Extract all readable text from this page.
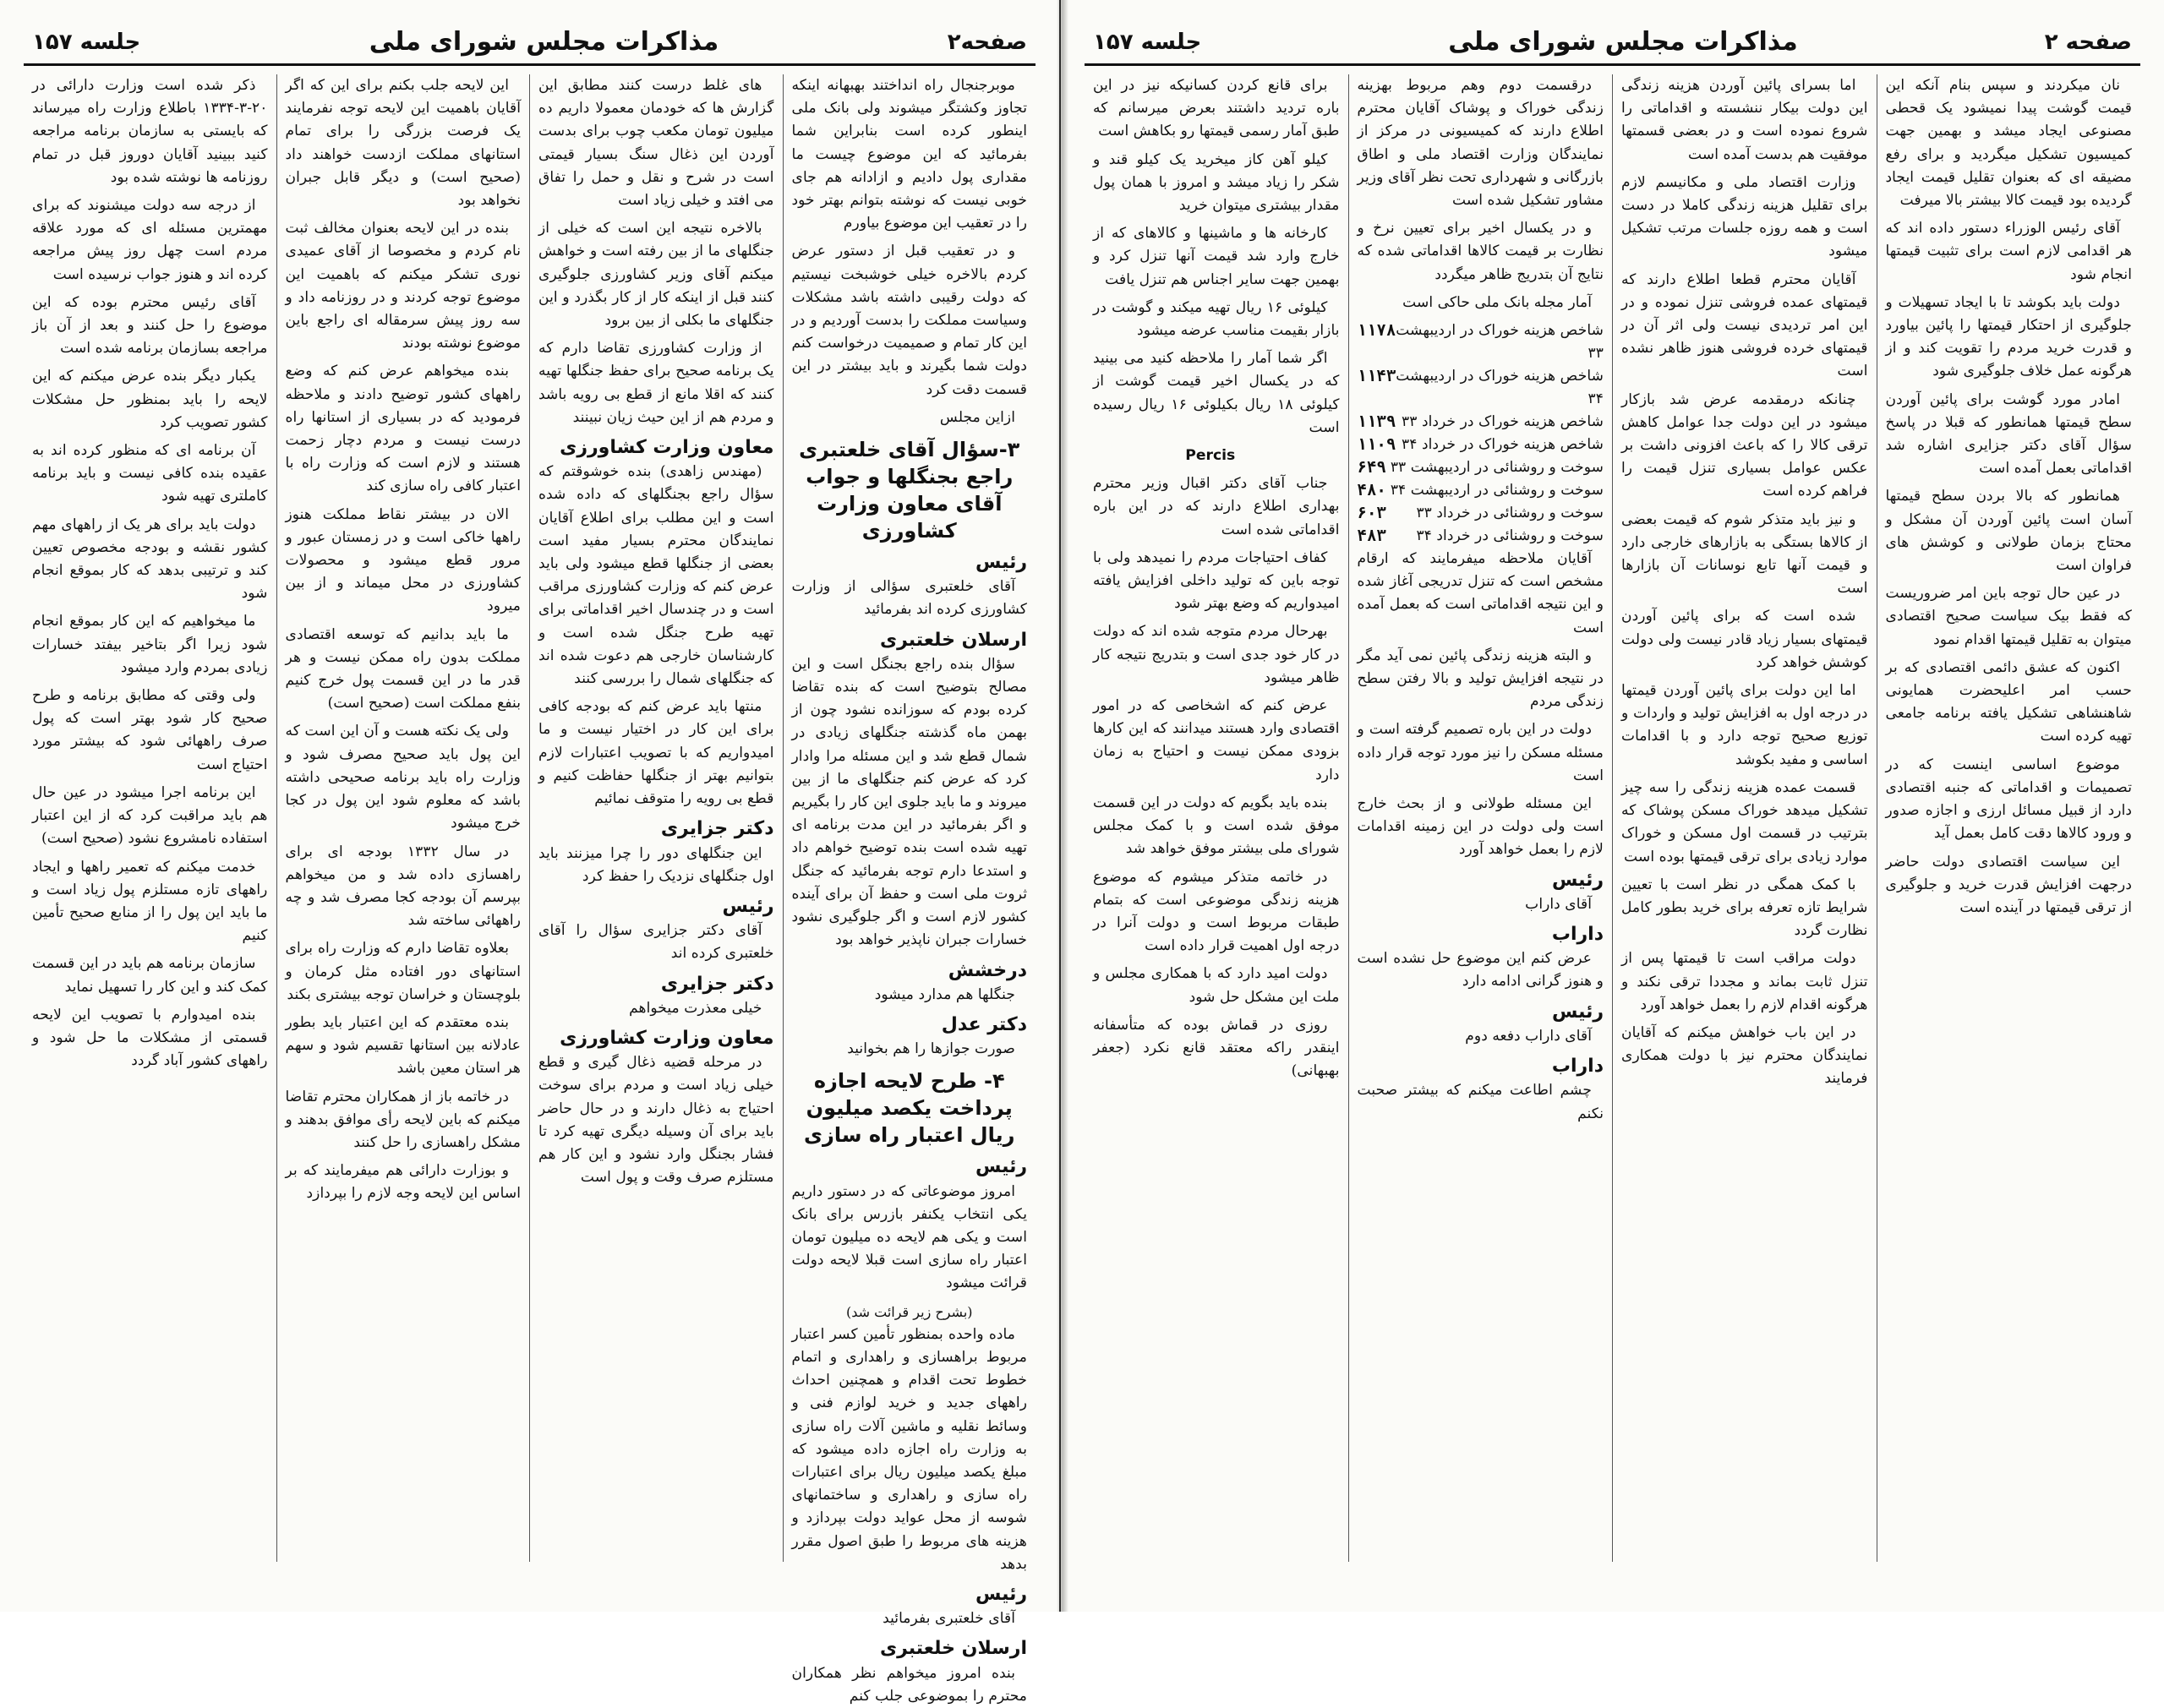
صفحه۲
مذاکرات مجلس شورای ملی
جلسه ۱۵۷

موبرجنجال راه انداختند بهبهانه اینکه تجاوز وکشتگر میشوند ولی بانک ملی اینطور کرده است بنابراین شما بفرمائید که این موضوع چیست ما مقداری پول دادیم و ازادانه هم جای خوبی نیست که نوشته بتوانم بهتر خود را در تعقیب این موضوع بیاورم

و در تعقیب قبل از دستور عرض کردم بالاخره خیلی خوشبخت نیستیم که دولت رقیبی داشته باشد مشکلات وسیاست مملکت را بدست آوردیم و در این کار تمام و صمیمیت درخواست کنم دولت شما بگیرند و باید بیشتر در این قسمت دقت کرد

ازاین مجلس

۳-سؤال آقای خلعتبری راجع بجنگلها و جواب آقای معاون وزارت کشاورزی
رئیس

آقای خلعتبری سؤالی از وزارت کشاورزی کرده اند بفرمائید

ارسلان خلعتبری

سؤال بنده راجع بجنگل است و این مصالح بتوضیح است که بنده تقاضا کرده بودم که سوزانده نشود چون از بهمن ماه گذشته جنگلهای زیادی در شمال قطع شد و این مسئله مرا وادار کرد که عرض کنم جنگلهای ما از بین میروند و ما باید جلوی این کار را بگیریم و اگر بفرمائید در این مدت برنامه ای تهیه شده است بنده توضیح خواهم داد و استدعا دارم توجه بفرمائید که جنگل ثروت ملی است و حفظ آن برای آینده کشور لازم است و اگر جلوگیری نشود خسارات جبران ناپذیر خواهد بود

درخشش

جنگلها هم مدارد میشود

دکتر عدل

صورت جوازها را هم بخوانید

۴- طرح لایحه اجازه پرداخت یکصد میلیون ریال اعتبار راه سازی
رئیس

امروز موضوعاتی که در دستور داریم یکی انتخاب یکنفر بازرس برای بانک است و یکی هم لایحه ده میلیون تومان اعتبار راه سازی است قبلا لایحه دولت قرائت میشود

(بشرح زیر قرائت شد)

ماده واحده بمنظور تأمین کسر اعتبار مربوط براهسازی و راهداری و اتمام خطوط تحت اقدام و همچنین احداث راههای جدید و خرید لوازم فنی و وسائط نقلیه و ماشین آلات راه سازی به وزارت راه اجازه داده میشود که مبلغ یکصد میلیون ریال برای اعتبارات راه سازی و راهداری و ساختمانهای شوسه از محل عواید دولت بپردازد و هزینه های مربوط را طبق اصول مقرر بدهد

رئیس

آقای خلعتبری بفرمائید

ارسلان خلعتبری

بنده امروز میخواهم نظر همکاران محترم را بموضوعی جلب کنم

های غلط درست کنند مطابق این گزارش ها که خودمان معمولا داریم ده میلیون تومان مکعب چوب برای بدست آوردن این ذغال سنگ بسیار قیمتی است در شرح و نقل و حمل را تفاق می افتد و خیلی زیاد است

بالاخره نتیجه این است که خیلی از جنگلهای ما از بین رفته است و خواهش میکنم آقای وزیر کشاورزی جلوگیری کنند قبل از اینکه کار از کار بگذرد و این جنگلهای ما بکلی از بین برود

از وزارت کشاورزی تقاضا دارم که یک برنامه صحیح برای حفظ جنگلها تهیه کنند که اقلا مانع از قطع بی رویه باشد و مردم هم از این حیث زیان نبینند

معاون وزارت کشاورزی

(مهندس زاهدی) بنده خوشوقتم که سؤال راجع بجنگلهای که داده شده است و این مطلب برای اطلاع آقایان نمایندگان محترم بسیار مفید است بعضی از جنگلها قطع میشود ولی باید عرض کنم که وزارت کشاورزی مراقب است و در چندسال اخیر اقداماتی برای تهیه طرح جنگل شده است و کارشناسان خارجی هم دعوت شده اند که جنگلهای شمال را بررسی کنند

منتها باید عرض کنم که بودجه کافی برای این کار در اختیار نیست و ما امیدواریم که با تصویب اعتبارات لازم بتوانیم بهتر از جنگلها حفاظت کنیم و قطع بی رویه را متوقف نمائیم

دکتر جزایری

این جنگلهای دور را چرا میزنند باید اول جنگلهای نزدیک را حفظ کرد

رئیس

آقای دکتر جزایری سؤال را آقای خلعتبری کرده اند

دکتر جزایری

خیلی معذرت میخواهم

معاون وزارت کشاورزی

در مرحله قضیه ذغال گیری و قطع خیلی زیاد است و مردم برای سوخت احتیاج به ذغال دارند و در حال حاضر باید برای آن وسیله دیگری تهیه کرد تا فشار بجنگل وارد نشود و این کار هم مستلزم صرف وقت و پول است

این لایحه جلب بکنم برای این که اگر آقایان باهمیت این لایحه توجه نفرمایند یک فرصت بزرگی را برای تمام استانهای مملکت ازدست خواهند داد (صحیح است) و دیگر قابل جبران نخواهد بود

بنده در این لایحه بعنوان مخالف ثبت نام کردم و مخصوصا از آقای عمیدی نوری تشکر میکنم که باهمیت این موضوع توجه کردند و در روزنامه داد و سه روز پیش سرمقاله ای راجع باین موضوع نوشته بودند

بنده میخواهم عرض کنم که وضع راههای کشور توضیح دادند و ملاحظه فرمودید که در بسیاری از استانها راه درست نیست و مردم دچار زحمت هستند و لازم است که وزارت راه با اعتبار کافی راه سازی کند

الان در بیشتر نقاط مملکت هنوز راهها خاکی است و در زمستان عبور و مرور قطع میشود و محصولات کشاورزی در محل میماند و از بین میرود

ما باید بدانیم که توسعه اقتصادی مملکت بدون راه ممکن نیست و هر قدر ما در این قسمت پول خرج کنیم بنفع مملکت است (صحیح است)

ولی یک نکته هست و آن این است که این پول باید صحیح مصرف شود و وزارت راه باید برنامه صحیحی داشته باشد که معلوم شود این پول در کجا خرج میشود

در سال ۱۳۳۲ بودجه ای برای راهسازی داده شد و من میخواهم بپرسم آن بودجه کجا مصرف شد و چه راههائی ساخته شد

بعلاوه تقاضا دارم که وزارت راه برای استانهای دور افتاده مثل کرمان و بلوچستان و خراسان توجه بیشتری بکند

بنده معتقدم که این اعتبار باید بطور عادلانه بین استانها تقسیم شود و سهم هر استان معین باشد

در خاتمه باز از همکاران محترم تقاضا میکنم که باین لایحه رأی موافق بدهند و مشکل راهسازی را حل کنند

و بوزارت دارائی هم میفرمایند که بر اساس این لایحه وجه لازم را بپردازد

ذکر شده است وزارت دارائی در ۲۰-۳-۱۳۳۴ باطلاع وزارت راه میرساند که بایستی به سازمان برنامه مراجعه کنید ببینید آقایان دوروز قبل در تمام روزنامه ها نوشته شده بود

از درجه سه دولت میشنوند که برای مهمترین مسئله ای که مورد علاقه مردم است چهل روز پیش مراجعه کرده اند و هنوز جواب نرسیده است

آقای رئیس محترم بوده که این موضوع را حل کنند و بعد از آن باز مراجعه بسازمان برنامه شده است

یکبار دیگر بنده عرض میکنم که این لایحه را باید بمنظور حل مشکلات کشور تصویب کرد

آن برنامه ای که منظور کرده اند به عقیده بنده کافی نیست و باید برنامه کاملتری تهیه شود

دولت باید برای هر یک از راههای مهم کشور نقشه و بودجه مخصوص تعیین کند و ترتیبی بدهد که کار بموقع انجام شود

ما میخواهیم که این کار بموقع انجام شود زیرا اگر بتاخیر بیفتد خسارات زیادی بمردم وارد میشود

ولی وقتی که مطابق برنامه و طرح صحیح کار شود بهتر است که پول صرف راههائی شود که بیشتر مورد احتیاج است

این برنامه اجرا میشود در عین حال هم باید مراقبت کرد که از این اعتبار استفاده نامشروع نشود (صحیح است)

خدمت میکنم که تعمیر راهها و ایجاد راههای تازه مستلزم پول زیاد است و ما باید این پول را از منابع صحیح تأمین کنیم

سازمان برنامه هم باید در این قسمت کمک کند و این کار را تسهیل نماید

بنده امیدوارم با تصویب این لایحه قسمتی از مشکلات ما حل شود و راههای کشور آباد گردد

صفحه ۲
مذاکرات مجلس شورای ملی
جلسه ۱۵۷

نان میکردند و سپس بنام آنکه این قیمت گوشت پیدا نمیشود یک قحطی مصنوعی ایجاد میشد و بهمین جهت کمیسیون تشکیل میگردید و برای رفع مضیقه ای که بعنوان تقلیل قیمت ایجاد گردیده بود قیمت کالا بیشتر بالا میرفت

آقای رئیس الوزراء دستور داده اند که هر اقدامی لازم است برای تثبیت قیمتها انجام شود

دولت باید بکوشد تا با ایجاد تسهیلات و جلوگیری از احتکار قیمتها را پائین بیاورد و قدرت خرید مردم را تقویت کند و از هرگونه عمل خلاف جلوگیری شود

امادر مورد گوشت برای پائین آوردن سطح قیمتها همانطور که قبلا در پاسخ سؤال آقای دکتر جزایری اشاره شد اقداماتی بعمل آمده است

همانطور که بالا بردن سطح قیمتها آسان است پائین آوردن آن مشکل و محتاج بزمان طولانی و کوشش های فراوان است

در عین حال توجه باین امر ضروریست که فقط بیک سیاست صحیح اقتصادی میتوان به تقلیل قیمتها اقدام نمود

اکنون که عشق دائمی اقتصادی که بر حسب امر اعلیحضرت همایونی شاهنشاهی تشکیل یافته برنامه جامعی تهیه کرده است

موضوع اساسی اینست که در تصمیمات و اقداماتی که جنبه اقتصادی دارد از قبیل مسائل ارزی و اجازه صدور و ورود کالاها دقت کامل بعمل آید

این سیاست اقتصادی دولت حاضر درجهت افزایش قدرت خرید و جلوگیری از ترقی قیمتها در آینده است

اما بسرای پائین آوردن هزینه زندگی این دولت بیکار ننشسته و اقداماتی را شروع نموده است و در بعضی قسمتها موفقیت هم بدست آمده است

وزارت اقتصاد ملی و مکانیسم لازم برای تقلیل هزینه زندگی کاملا در دست است و همه روزه جلسات مرتب تشکیل میشود

آقایان محترم قطعا اطلاع دارند که قیمتهای عمده فروشی تنزل نموده و در این امر تردیدی نیست ولی اثر آن در قیمتهای خرده فروشی هنوز ظاهر نشده است

چنانکه درمقدمه عرض شد بازکار میشود در این دولت جدا عوامل کاهش ترقی کالا را که باعث افزونی داشت بر عکس عوامل بسیاری تنزل قیمت را فراهم کرده است

و نیز باید متذکر شوم که قیمت بعضی از کالاها بستگی به بازارهای خارجی دارد و قیمت آنها تابع نوسانات آن بازارها است

شده است که برای پائین آوردن قیمتهای بسیار زیاد قادر نیست ولی دولت کوشش خواهد کرد

اما این دولت برای پائین آوردن قیمتها در درجه اول به افزایش تولید و واردات و توزیع صحیح توجه دارد و با اقدامات اساسی و مفید بکوشد

قسمت عمده هزینه زندگی را سه چیز تشکیل میدهد خوراک مسکن پوشاک که بترتیب در قسمت اول مسکن و خوراک موارد زیادی برای ترقی قیمتها بوده است

با کمک همگی در نظر است با تعیین شرایط تازه تعرفه برای خرید بطور کامل نظارت گردد

دولت مراقب است تا قیمتها پس از تنزل ثابت بماند و مجددا ترقی نکند و هرگونه اقدام لازم را بعمل خواهد آورد

در این باب خواهش میکنم که آقایان نمایندگان محترم نیز با دولت همکاری فرمایند

درقسمت دوم وهم مربوط بهزینه زندگی خوراک و پوشاک آقایان محترم اطلاع دارند که کمیسیونی در مرکز از نمایندگان وزارت اقتصاد ملی و اطاق بازرگانی و شهرداری تحت نظر آقای وزیر مشاور تشکیل شده است

و در یکسال اخیر برای تعیین نرخ و نظارت بر قیمت کالاها اقداماتی شده که نتایج آن بتدریج ظاهر میگردد

آمار مجله بانک ملی حاکی است

شاخص هزینه خوراک در اردیبهشت ۳۳
۱۱۷۸
شاخص هزینه خوراک در اردیبهشت ۳۴
۱۱۴۳
شاخص هزینه خوراک در خرداد ۳۳
۱۱۳۹
شاخص هزینه خوراک در خرداد ۳۴
۱۱۰۹
سوخت و روشنائی در اردیبهشت ۳۳
۶۴۹
سوخت و روشنائی در اردیبهشت ۳۴
۴۸۰
سوخت و روشنائی در خرداد ۳۳
۶۰۳
سوخت و روشنائی در خرداد ۳۴
۴۸۳

آقایان ملاحظه میفرمایند که ارقام مشخص است که تنزل تدریجی آغاز شده و این نتیجه اقداماتی است که بعمل آمده است

و البته هزینه زندگی پائین نمی آید مگر در نتیجه افزایش تولید و بالا رفتن سطح زندگی مردم

دولت در این باره تصمیم گرفته است و مسئله مسکن را نیز مورد توجه قرار داده است

این مسئله طولانی و از بحث خارج است ولی دولت در این زمینه اقدامات لازم را بعمل خواهد آورد

رئیس

آقای داراب

داراب

عرض کنم این موضوع حل نشده است و هنوز گرانی ادامه دارد

رئیس

آقای داراب دفعه دوم

داراب

چشم اطاعت میکنم که بیشتر صحبت نکنم

برای قانع کردن کسانیکه نیز در این باره تردید داشتند بعرض میرسانم که طبق آمار رسمی قیمتها رو بکاهش است

کیلو آهن کاز میخرید یک کیلو قند و شکر را زیاد میشد و امروز با همان پول مقدار بیشتری میتوان خرید

کارخانه ها و ماشینها و کالاهای که از خارج وارد شد قیمت آنها تنزل کرد و بهمین جهت سایر اجناس هم تنزل یافت

کیلوئی ۱۶ ریال تهیه میکند و گوشت در بازار بقیمت مناسب عرضه میشود

اگر شما آمار را ملاحظه کنید می بینید که در یکسال اخیر قیمت گوشت از کیلوئی ۱۸ ریال بکیلوئی ۱۶ ریال رسیده است

Percis

جناب آقای دکتر اقبال وزیر محترم بهداری اطلاع دارند که در این باره اقداماتی شده است

کفاف احتیاجات مردم را نمیدهد ولی با توجه باین که تولید داخلی افزایش یافته امیدواریم که وضع بهتر شود

بهرحال مردم متوجه شده اند که دولت در کار خود جدی است و بتدریج نتیجه کار ظاهر میشود

عرض کنم که اشخاصی که در امور اقتصادی وارد هستند میدانند که این کارها بزودی ممکن نیست و احتیاج به زمان دارد

بنده باید بگویم که دولت در این قسمت موفق شده است و با کمک مجلس شورای ملی بیشتر موفق خواهد شد

در خاتمه متذکر میشوم که موضوع هزینه زندگی موضوعی است که بتمام طبقات مربوط است و دولت آنرا در درجه اول اهمیت قرار داده است

دولت امید دارد که با همکاری مجلس و ملت این مشکل حل شود

روزی در قماش بوده که متأسفانه اینقدر راکه معتقد قانع نکرد (جعفر بهبهانی)
